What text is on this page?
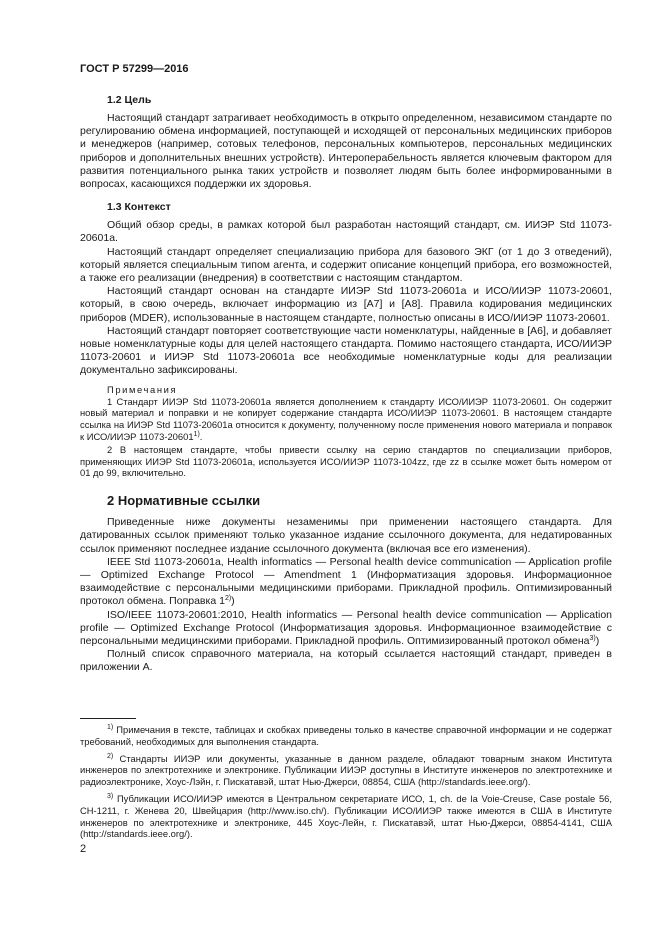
ГОСТ Р 57299—2016
1.2 Цель

Настоящий стандарт затрагивает необходимость в открыто определенном, независимом стандарте по регулированию обмена информацией, поступающей и исходящей от персональных медицинских приборов и менеджеров (например, сотовых телефонов, персональных компьютеров, персональных медицинских приборов и дополнительных внешних устройств). Интероперабельность является ключевым фактором для развития потенциального рынка таких устройств и позволяет людям быть более информированными в вопросах, касающихся поддержки их здоровья.

1.3 Контекст

Общий обзор среды, в рамках которой был разработан настоящий стандарт, см. ИИЭР Std 11073-20601a.

Настоящий стандарт определяет специализацию прибора для базового ЭКГ (от 1 до 3 отведений), который является специальным типом агента, и содержит описание концепций прибора, его возможностей, а также его реализации (внедрения) в соответствии с настоящим стандартом.

Настоящий стандарт основан на стандарте ИИЭР Std 11073-20601a и ИСО/ИИЭР 11073-20601, который, в свою очередь, включает информацию из [A7] и [A8]. Правила кодирования медицинских приборов (MDER), использованные в настоящем стандарте, полностью описаны в ИСО/ИИЭР 11073-20601.

Настоящий стандарт повторяет соответствующие части номенклатуры, найденные в [A6], и добавляет новые номенклатурные коды для целей настоящего стандарта. Помимо настоящего стандарта, ИСО/ИИЭР 11073-20601 и ИИЭР Std 11073-20601a все необходимые номенклатурные коды для реализации документально зафиксированы.

Примечания
1 Стандарт ИИЭР Std 11073-20601a является дополнением к стандарту ИСО/ИИЭР 11073-20601. Он содержит новый материал и поправки и не копирует содержание стандарта ИСО/ИИЭР 11073-20601. В настоящем стандарте ссылка на ИИЭР Std 11073-20601a относится к документу, полученному после применения нового материала и поправок к ИСО/ИИЭР 11073-20601$^{1)}$.
2 В настоящем стандарте, чтобы привести ссылку на серию стандартов по специализации приборов, применяющих ИИЭР Std 11073-20601a, используется ИСО/ИИЭР 11073-104zz, где zz в ссылке может быть номером от 01 до 99, включительно.
2 Нормативные ссылки

Приведенные ниже документы незаменимы при применении настоящего стандарта. Для датированных ссылок применяют только указанное издание ссылочного документа, для недатированных ссылок применяют последнее издание ссылочного документа (включая все его изменения).

IEEE Std 11073-20601a, Health informatics — Personal health device communication — Application profile — Optimized Exchange Protocol — Amendment 1 (Информатизация здоровья. Информационное взаимодействие с персональными медицинскими приборами. Прикладной профиль. Оптимизированный протокол обмена. Поправка 1$^{2)}$)

ISO/IEEE 11073-20601:2010, Health informatics — Personal health device communication — Application profile — Optimized Exchange Protocol (Информатизация здоровья. Информационное взаимодействие с персональными медицинскими приборами. Прикладной профиль. Оптимизированный протокол обмена$^{3)}$)

Полный список справочного материала, на который ссылается настоящий стандарт, приведен в приложении А.

$^{1)}$ Примечания в тексте, таблицах и скобках приведены только в качестве справочной информации и не содержат требований, необходимых для выполнения стандарта.
$^{2)}$ Стандарты ИИЭР или документы, указанные в данном разделе, обладают товарным знаком Института инженеров по электротехнике и электронике. Публикации ИИЭР доступны в Институте инженеров по электротехнике и радиоэлектронике, Хоус-Лэйн, г. Пискатавэй, штат Нью-Джерси, 08854, США (http://standards.ieee.org/).
$^{3)}$ Публикации ИСО/ИИЭР имеются в Центральном секретариате ИСО, 1, ch. de la Voie-Creuse, Case postale 56, CH-1211, г. Женева 20, Швейцария (http://www.iso.ch/). Публикации ИСО/ИИЭР также имеются в США в Институте инженеров по электротехнике и электронике, 445 Хоус-Лейн, г. Пискатавэй, штат Нью-Джерси, 08854-4141, США (http://standards.ieee.org/).
2
